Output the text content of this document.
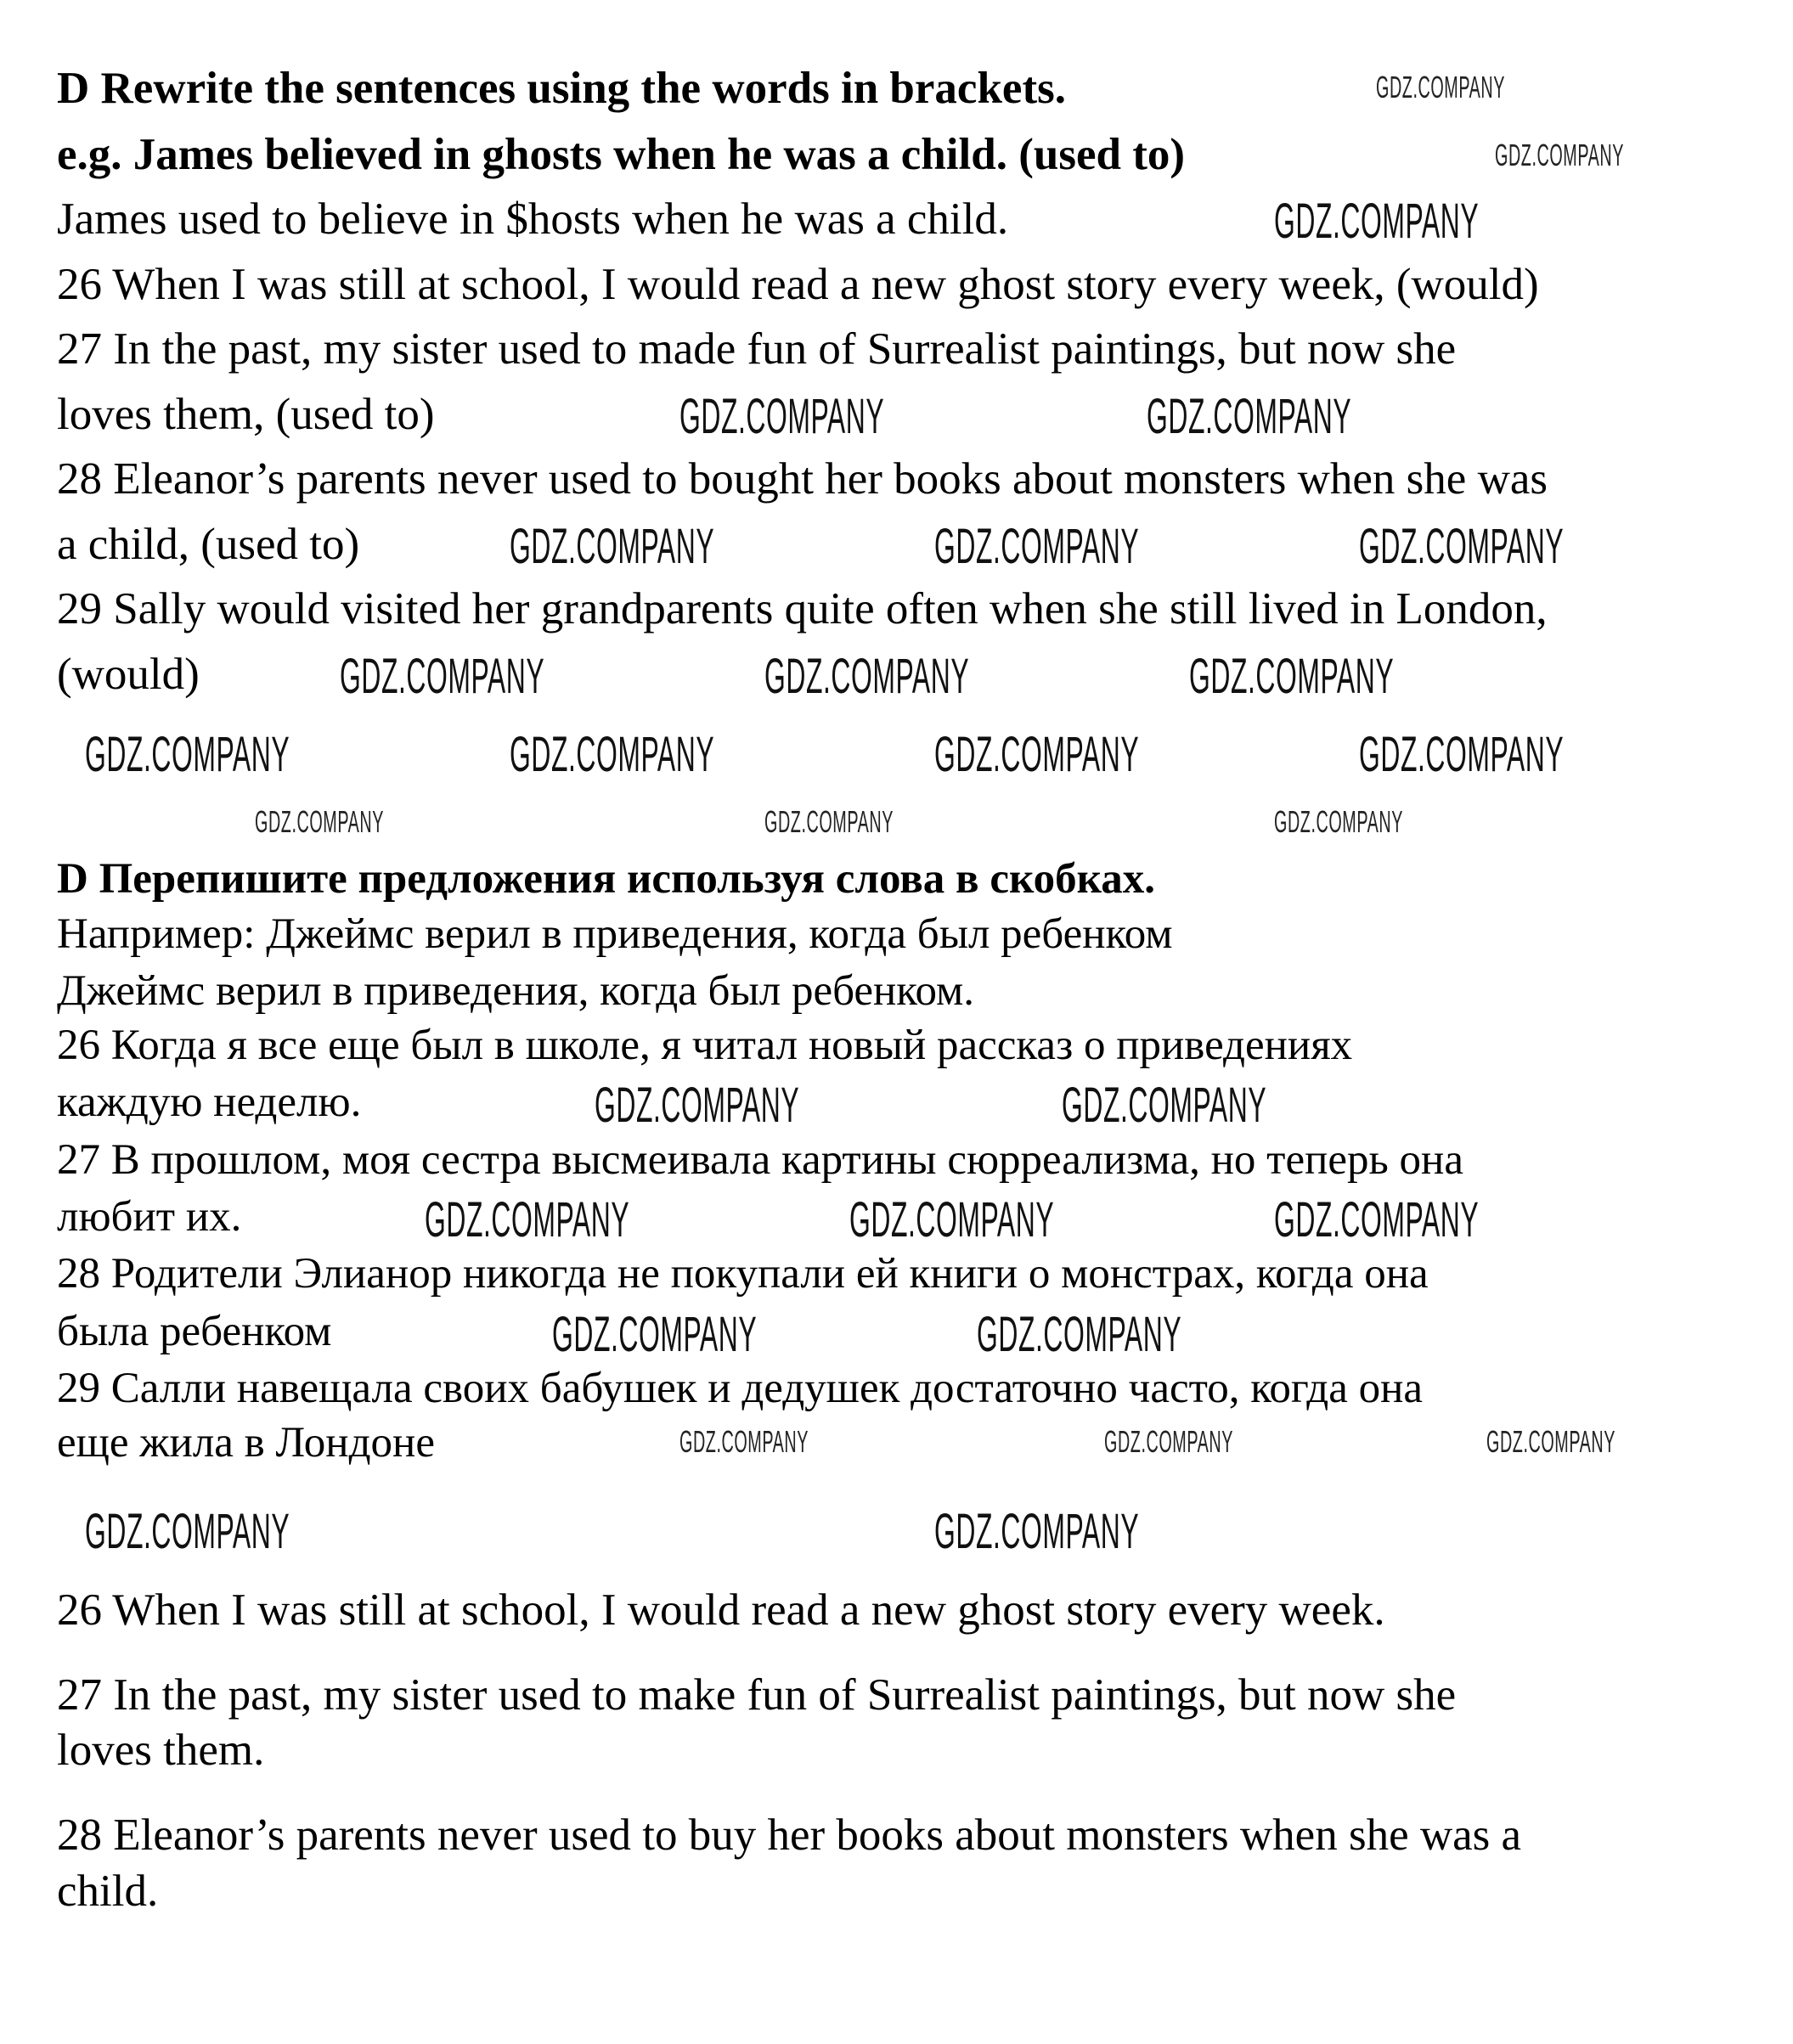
D Rewrite the sentences using the words in brackets.
e.g. James believed in ghosts when he was a child. (used to)
James used to believe in $hosts when he was a child.
26 When I was still at school, I would read a new ghost story every week, (would)
27 In the past, my sister used to made fun of Surrealist paintings, but now she
loves them, (used to)
28 Eleanor’s parents never used to bought her books about monsters when she was
a child, (used to)
29 Sally would visited her grandparents quite often when she still lived in London,
(would)
D Перепишите предложения используя слова в скобках.
Например: Джеймс верил в приведения, когда был ребенком
Джеймс верил в приведения, когда был ребенком.
26 Когда я все еще был в школе, я читал новый рассказ о приведениях
каждую неделю.
27 В прошлом, моя сестра высмеивала картины сюрреализма, но теперь она
любит их.
28 Родители Элианор никогда не покупали ей книги о монстрах, когда она
была ребенком
29 Салли навещала своих бабушек и дедушек достаточно часто, когда она
еще жила в Лондоне
26 When I was still at school, I would read a new ghost story every week.
27 In the past, my sister used to make fun of Surrealist paintings, but now she
loves them.
28 Eleanor’s parents never used to buy her books about monsters when she was a
child.
GDZ.COMPANY
GDZ.COMPANY
GDZ.COMPANY
GDZ.COMPANY	GDZ.COMPANY
GDZ.COMPANY	GDZ.COMPANY	GDZ.COMPANY
GDZ.COMPANY	GDZ.COMPANY	GDZ.COMPANY
GDZ.COMPANY	GDZ.COMPANY	GDZ.COMPANY	GDZ.COMPANY
GDZ.COMPANY	GDZ.COMPANY	GDZ.COMPANY
GDZ.COMPANY	GDZ.COMPANY
GDZ.COMPANY	GDZ.COMPANY	GDZ.COMPANY
GDZ.COMPANY	GDZ.COMPANY
GDZ.COMPANY	GDZ.COMPANY	GDZ.COMPANY
GDZ.COMPANY	GDZ.COMPANY
